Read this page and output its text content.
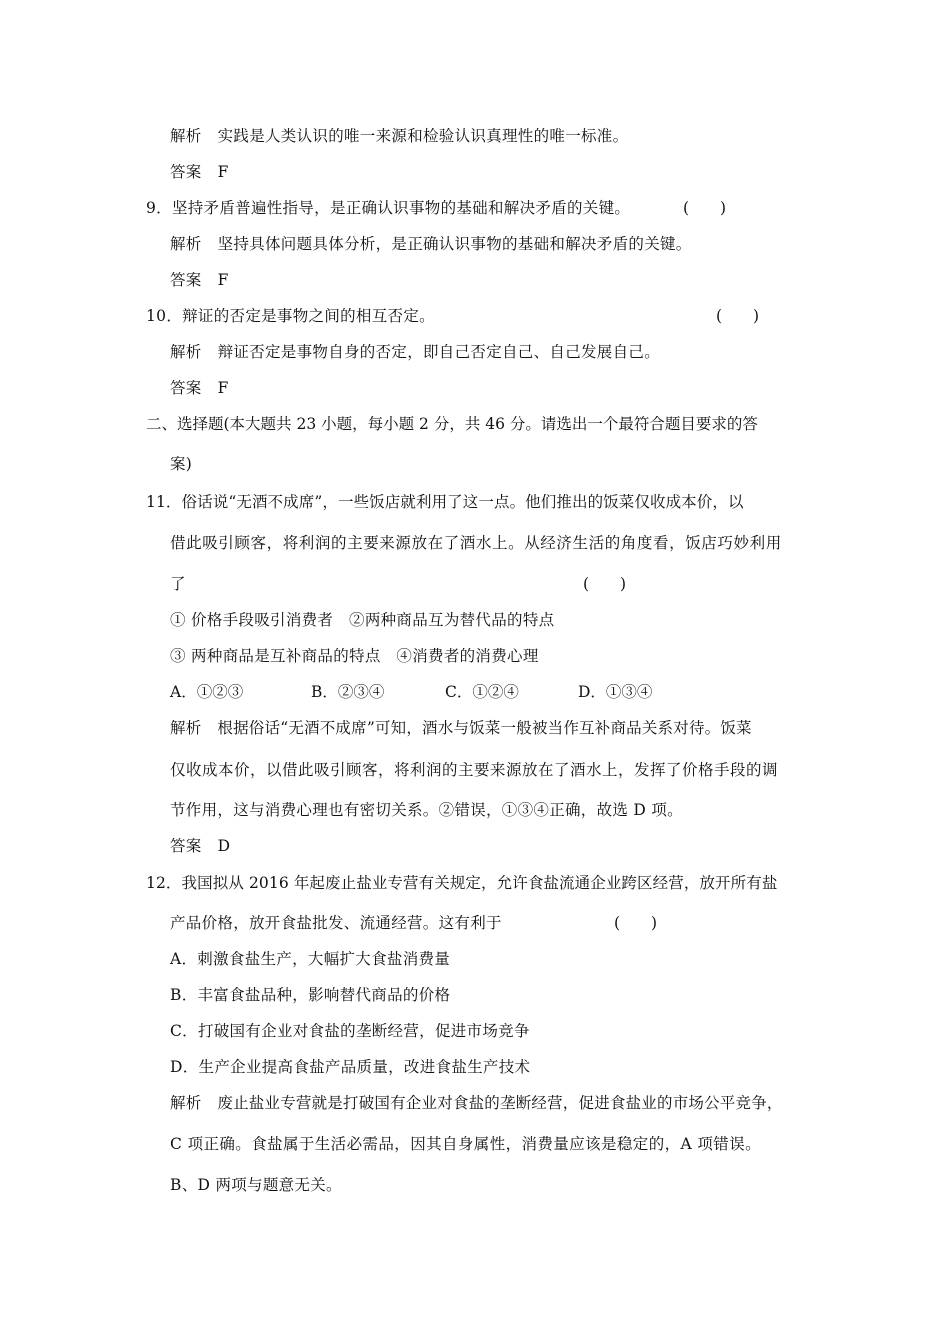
解析 实践是人类认识的唯一来源和检验认识真理性的唯一标准。
答案 F
9．坚持矛盾普遍性指导，是正确认识事物的基础和解决矛盾的关键。	(　　)
解析 坚持具体问题具体分析，是正确认识事物的基础和解决矛盾的关键。
答案 F
10．辩证的否定是事物之间的相互否定。	(　　)
解析 辩证否定是事物自身的否定，即自己否定自己、自己发展自己。
答案 F
二、选择题(本大题共 23 小题，每小题 2 分，共 46 分。请选出一个最符合题目要求的答
案)
11．俗话说“无酒不成席”，一些饭店就利用了这一点。他们推出的饭菜仅收成本价，以
借此吸引顾客，将利润的主要来源放在了酒水上。从经济生活的角度看，饭店巧妙利用
了	(　　)
① 价格手段吸引消费者　②两种商品互为替代品的特点
③ 两种商品是互补商品的特点　④消费者的消费心理
A．①②③	B．②③④	C．①②④	D．①③④
解析 根据俗话“无酒不成席”可知，酒水与饭菜一般被当作互补商品关系对待。饭菜
仅收成本价，以借此吸引顾客，将利润的主要来源放在了酒水上，发挥了价格手段的调
节作用，这与消费心理也有密切关系。②错误，①③④正确，故选 D 项。
答案 D
12．我国拟从 2016 年起废止盐业专营有关规定，允许食盐流通企业跨区经营，放开所有盐
产品价格，放开食盐批发、流通经营。这有利于	(　　)
A．刺激食盐生产，大幅扩大食盐消费量
B．丰富食盐品种，影响替代商品的价格
C．打破国有企业对食盐的垄断经营，促进市场竞争
D．生产企业提高食盐产品质量，改进食盐生产技术
解析 废止盐业专营就是打破国有企业对食盐的垄断经营，促进食盐业的市场公平竞争，
C 项正确。食盐属于生活必需品，因其自身属性，消费量应该是稳定的，A 项错误。
B、D 两项与题意无关。
